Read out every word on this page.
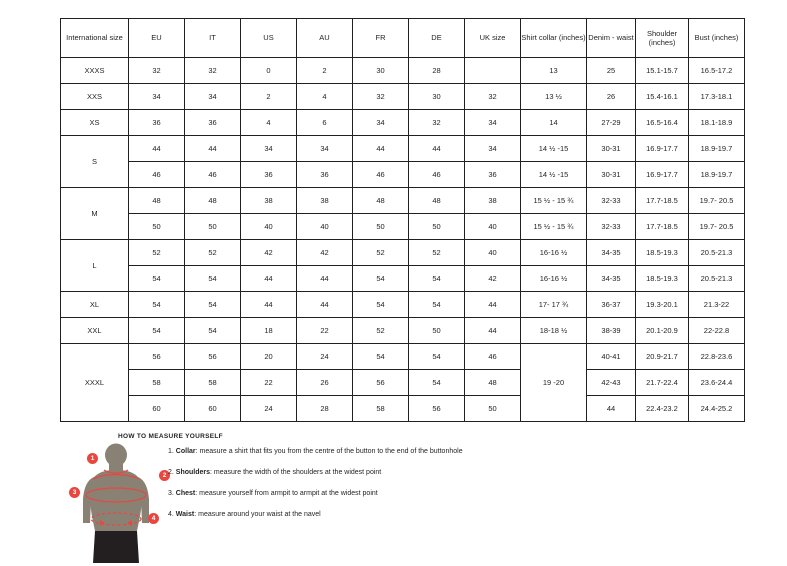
International size	EU	IT	US	AU	FR	DE	UK size	Shirt collar (inches)	Denim - waist	Shoulder (inches)	Bust (inches)
XXXS	32	32	0	2	30	28		13	25	15.1-15.7	16.5-17.2
XXS	34	34	2	4	32	30	32	13 ½	26	15.4-16.1	17.3-18.1
XS	36	36	4	6	34	32	34	14	27-29	16.5-16.4	18.1-18.9
S	44	44	34	34	44	44	34	14 ½ -15	30-31	16.9-17.7	18.9-19.7
	46	46	36	36	46	46	36	14 ½ -15	30-31	16.9-17.7	18.9-19.7
M	48	48	38	38	48	48	38	15 ½ - 15 ¾	32-33	17.7-18.5	19.7- 20.5
	50	50	40	40	50	50	40	15 ½ - 15 ¾	32-33	17.7-18.5	19.7- 20.5
L	52	52	42	42	52	52	40	16-16 ½	34-35	18.5-19.3	20.5-21.3
	54	54	44	44	54	54	42	16-16 ½	34-35	18.5-19.3	20.5-21.3
XL	54	54	44	44	54	54	44	17- 17 ¾	36-37	19.3-20.1	21.3-22
XXL	54	54	18	22	52	50	44	18-18 ½	38-39	20.1-20.9	22-22.8
XXXL	56	56	20	24	54	54	46	19 -20	40-41	20.9-21.7	22.8-23.6
	58	58	22	26	56	54	48		42-43	21.7-22.4	23.6-24.4
	60	60	24	28	58	56	50		44	22.4-23.2	24.4-25.2
HOW TO MEASURE YOURSELF
1
2
3
4
1. Collar: measure a shirt that fits you from the centre of the button to the end of the buttonhole
2. Shoulders: measure the width of the shoulders at the widest point
3. Chest: measure yourself from armpit to armpit at the widest point
4. Waist: measure around your waist at the navel
